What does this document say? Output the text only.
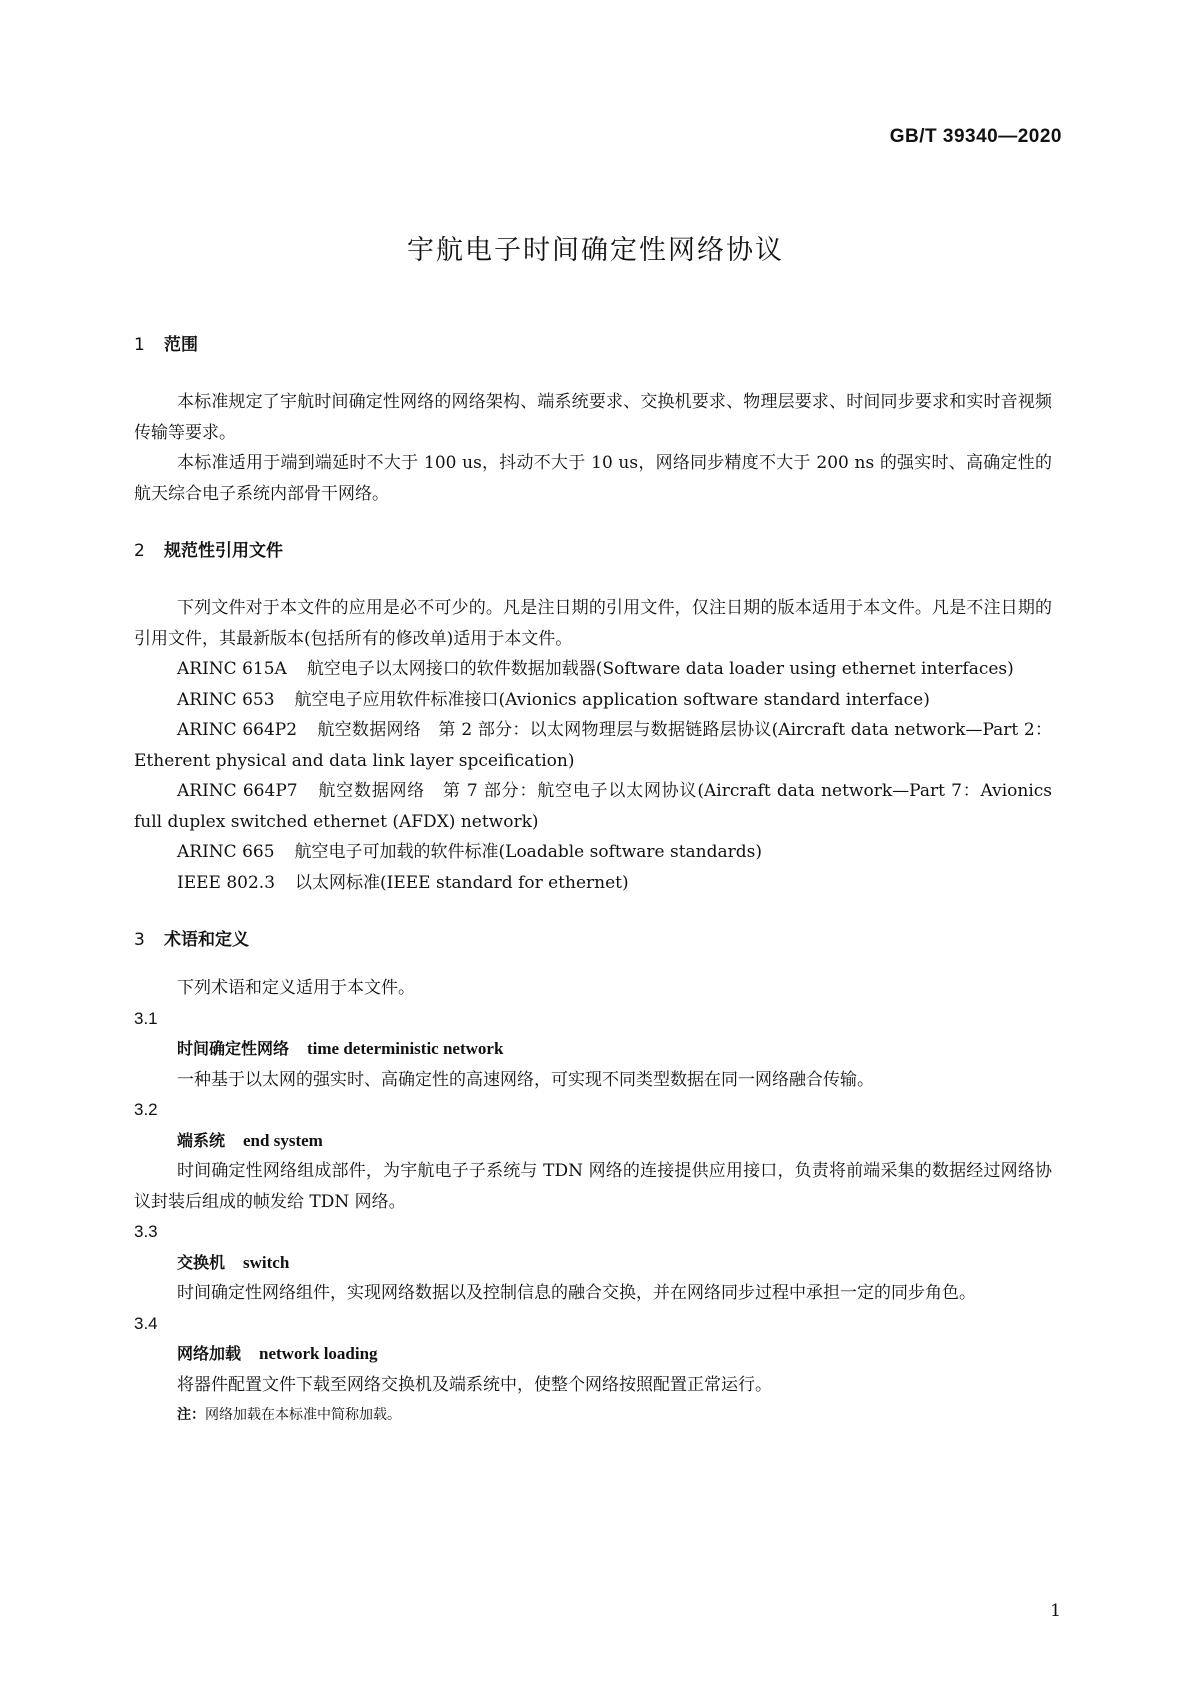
GB/T 39340—2020
宇航电子时间确定性网络协议
1 范围

本标准规定了宇航时间确定性网络的网络架构、端系统要求、交换机要求、物理层要求、时间同步要求和实时音视频传输等要求。

本标准适用于端到端延时不大于 100 us，抖动不大于 10 us，网络同步精度不大于 200 ns 的强实时、高确定性的航天综合电子系统内部骨干网络。

2 规范性引用文件

下列文件对于本文件的应用是必不可少的。凡是注日期的引用文件，仅注日期的版本适用于本文件。凡是不注日期的引用文件，其最新版本(包括所有的修改单)适用于本文件。

ARINC 615A 航空电子以太网接口的软件数据加载器(Software data loader using ethernet interfaces)

ARINC 653 航空电子应用软件标准接口(Avionics application software standard interface)

ARINC 664P2 航空数据网络　第 2 部分：以太网物理层与数据链路层协议(Aircraft data network—Part 2：Etherent physical and data link layer spceification)

ARINC 664P7 航空数据网络　第 7 部分：航空电子以太网协议(Aircraft data network—Part 7：Avionics full duplex switched ethernet (AFDX) network)

ARINC 665 航空电子可加载的软件标准(Loadable software standards)

IEEE 802.3 以太网标准(IEEE standard for ethernet)

3 术语和定义

下列术语和定义适用于本文件。

3.1

时间确定性网络 time deterministic network

一种基于以太网的强实时、高确定性的高速网络，可实现不同类型数据在同一网络融合传输。

3.2

端系统 end system

时间确定性网络组成部件，为宇航电子子系统与 TDN 网络的连接提供应用接口，负责将前端采集的数据经过网络协议封装后组成的帧发给 TDN 网络。

3.3

交换机 switch

时间确定性网络组件，实现网络数据以及控制信息的融合交换，并在网络同步过程中承担一定的同步角色。

3.4

网络加载 network loading

将器件配置文件下载至网络交换机及端系统中，使整个网络按照配置正常运行。

注：网络加载在本标准中简称加载。

1
